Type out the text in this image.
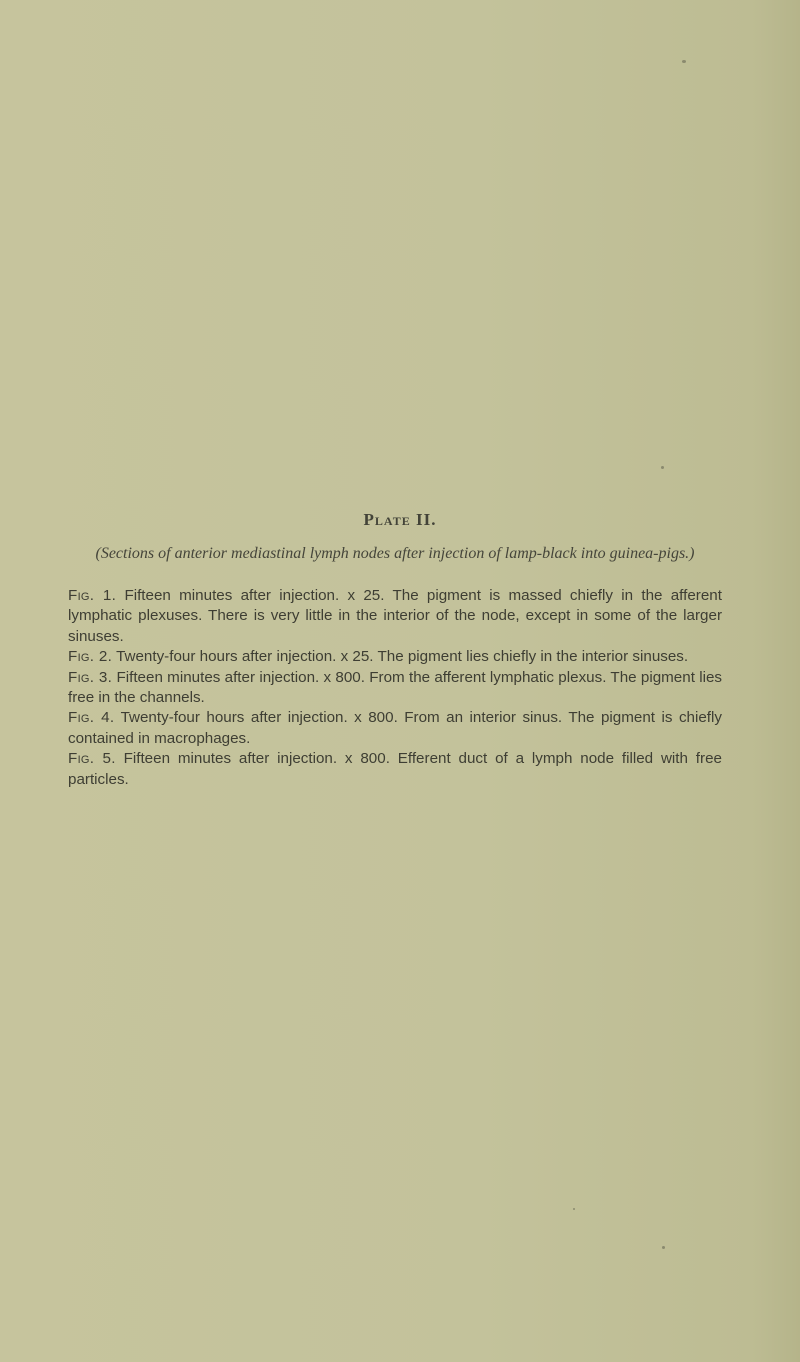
Plate II.

(Sections of anterior mediastinal lymph nodes after injection of lamp-black into guinea-pigs.)

Fig. 1. Fifteen minutes after injection. x 25. The pigment is massed chiefly in the afferent lymphatic plexuses. There is very little in the interior of the node, except in some of the larger sinuses.

Fig. 2. Twenty-four hours after injection. x 25. The pigment lies chiefly in the interior sinuses.

Fig. 3. Fifteen minutes after injection. x 800. From the afferent lymphatic plexus. The pigment lies free in the channels.

Fig. 4. Twenty-four hours after injection. x 800. From an interior sinus. The pigment is chiefly contained in macrophages.

Fig. 5. Fifteen minutes after injection. x 800. Efferent duct of a lymph node filled with free particles.
